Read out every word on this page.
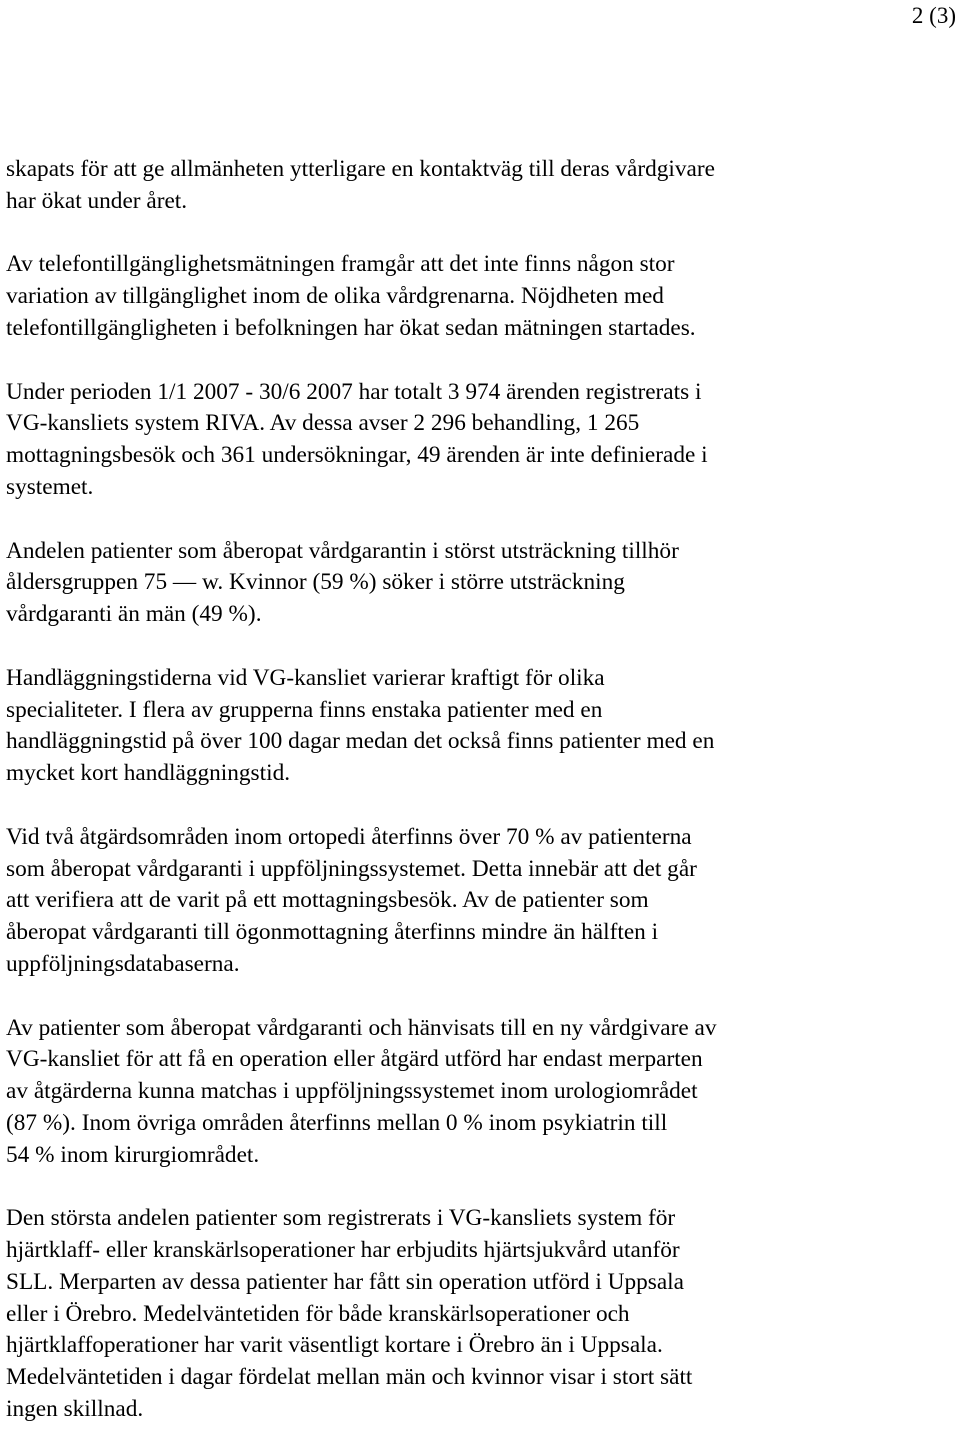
2 (3)

skapats för att ge allmänheten ytterligare en kontaktväg till deras vårdgivare
har ökat under året.

Av telefontillgänglighetsmätningen framgår att det inte finns någon stor
variation av tillgänglighet inom de olika vårdgrenarna. Nöjdheten med
telefontillgängligheten i befolkningen har ökat sedan mätningen startades.

Under perioden 1/1 2007 - 30/6 2007 har totalt 3 974 ärenden registrerats i
VG-kansliets system RIVA. Av dessa avser 2 296 behandling, 1 265
mottagningsbesök och 361 undersökningar, 49 ärenden är inte definierade i
systemet.

Andelen patienter som åberopat vårdgarantin i störst utsträckning tillhör
åldersgruppen 75 — w. Kvinnor (59 %) söker i större utsträckning
vårdgaranti än män (49 %).

Handläggningstiderna vid VG-kansliet varierar kraftigt för olika
specialiteter. I flera av grupperna finns enstaka patienter med en
handläggningstid på över 100 dagar medan det också finns patienter med en
mycket kort handläggningstid.

Vid två åtgärdsområden inom ortopedi återfinns över 70 % av patienterna
som åberopat vårdgaranti i uppföljningssystemet. Detta innebär att det går
att verifiera att de varit på ett mottagningsbesök. Av de patienter som
åberopat vårdgaranti till ögonmottagning återfinns mindre än hälften i
uppföljningsdatabaserna.

Av patienter som åberopat vårdgaranti och hänvisats till en ny vårdgivare av
VG-kansliet för att få en operation eller åtgärd utförd har endast merparten
av åtgärderna kunna matchas i uppföljningssystemet inom urologiområdet
(87 %). Inom övriga områden återfinns mellan 0 % inom psykiatrin till
54 % inom kirurgiområdet.

Den största andelen patienter som registrerats i VG-kansliets system för
hjärtklaff- eller kranskärlsoperationer har erbjudits hjärtsjukvård utanför
SLL. Merparten av dessa patienter har fått sin operation utförd i Uppsala
eller i Örebro. Medelväntetiden för både kranskärlsoperationer och
hjärtklaffoperationer har varit väsentligt kortare i Örebro än i Uppsala.
Medelväntetiden i dagar fördelat mellan män och kvinnor visar i stort sätt
ingen skillnad.
